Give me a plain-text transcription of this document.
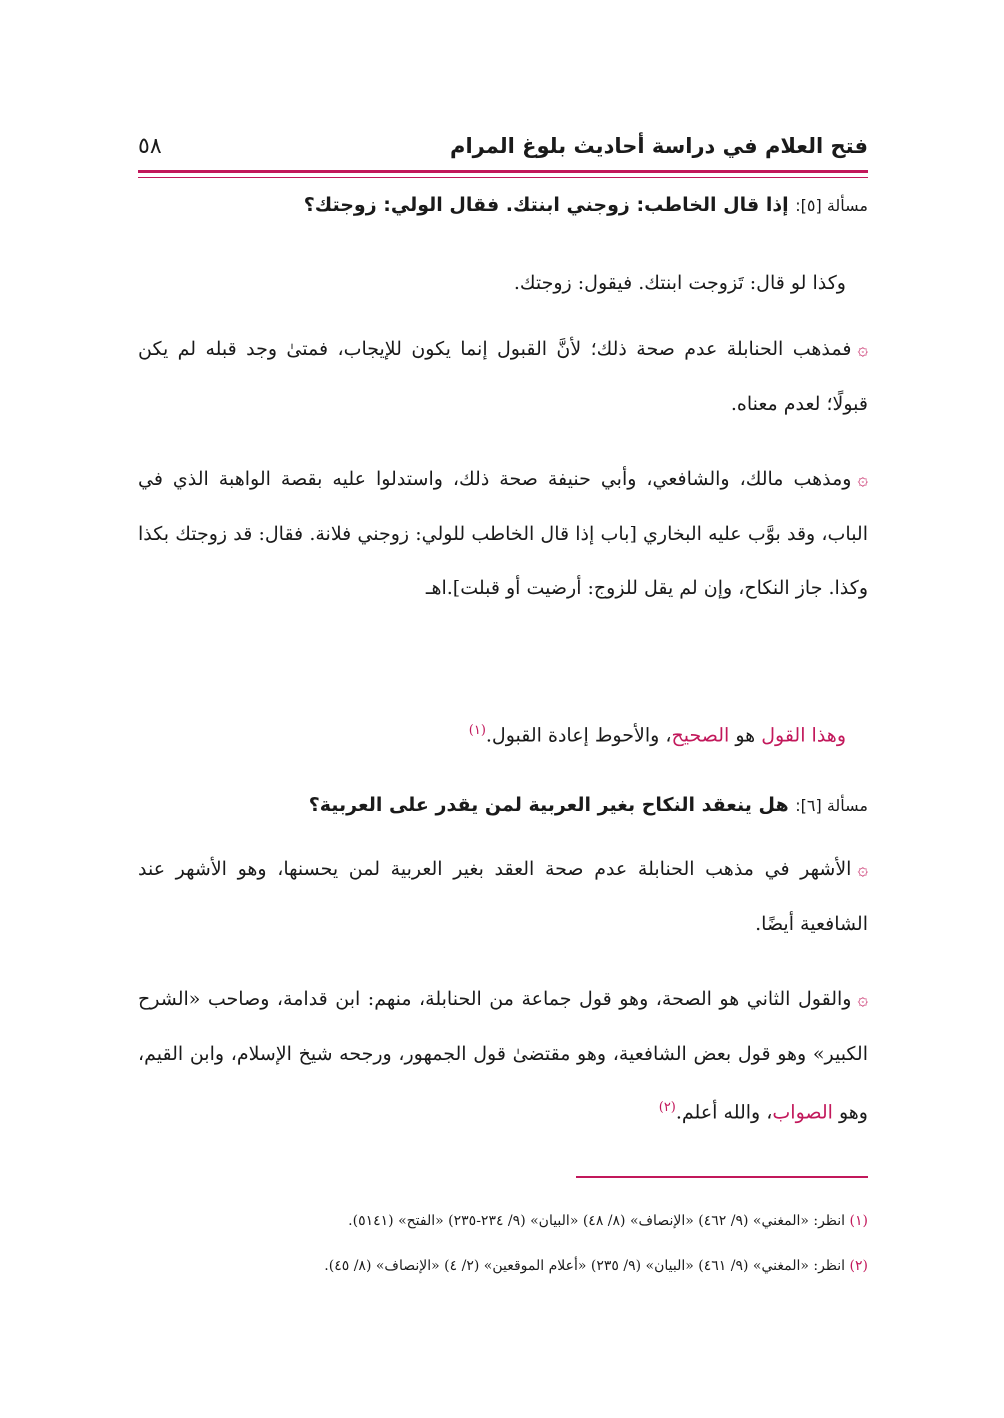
فتح العلام في دراسة أحاديث بلوغ المرام
٥٨
مسألة [٥]: إذا قال الخاطب: زوجني ابنتك. فقال الولي: زوجتك؟
وكذا لو قال: تَزوجت ابنتك. فيقول: زوجتك.
۞فمذهب الحنابلة عدم صحة ذلك؛ لأنَّ القبول إنما يكون للإيجاب، فمتىٰ وجد قبله لم يكن قبولًا؛ لعدم معناه.
۞ومذهب مالك، والشافعي، وأبي حنيفة صحة ذلك، واستدلوا عليه بقصة الواهبة الذي في الباب، وقد بوَّب عليه البخاري [باب إذا قال الخاطب للولي: زوجني فلانة. فقال: قد زوجتك بكذا وكذا. جاز النكاح، وإن لم يقل للزوج: أرضيت أو قبلت].اهـ
وهذا القول هو الصحيح، والأحوط إعادة القبول.$^{(١)}$
مسألة [٦]: هل ينعقد النكاح بغير العربية لمن يقدر على العربية؟
۞الأشهر في مذهب الحنابلة عدم صحة العقد بغير العربية لمن يحسنها، وهو الأشهر عند الشافعية أيضًا.
۞والقول الثاني هو الصحة، وهو قول جماعة من الحنابلة، منهم: ابن قدامة، وصاحب «الشرح الكبير» وهو قول بعض الشافعية، وهو مقتضىٰ قول الجمهور، ورجحه شيخ الإسلام، وابن القيم، وهو الصواب، والله أعلم.$^{(٢)}$
(١) انظر: «المغني» (٩/ ٤٦٢) «الإنصاف» (٨/ ٤٨) «البيان» (٩/ ٢٣٤-٢٣٥) «الفتح» (٥١٤١).
(٢) انظر: «المغني» (٩/ ٤٦١) «البيان» (٩/ ٢٣٥) «أعلام الموقعين» (٢/ ٤) «الإنصاف» (٨/ ٤٥).
